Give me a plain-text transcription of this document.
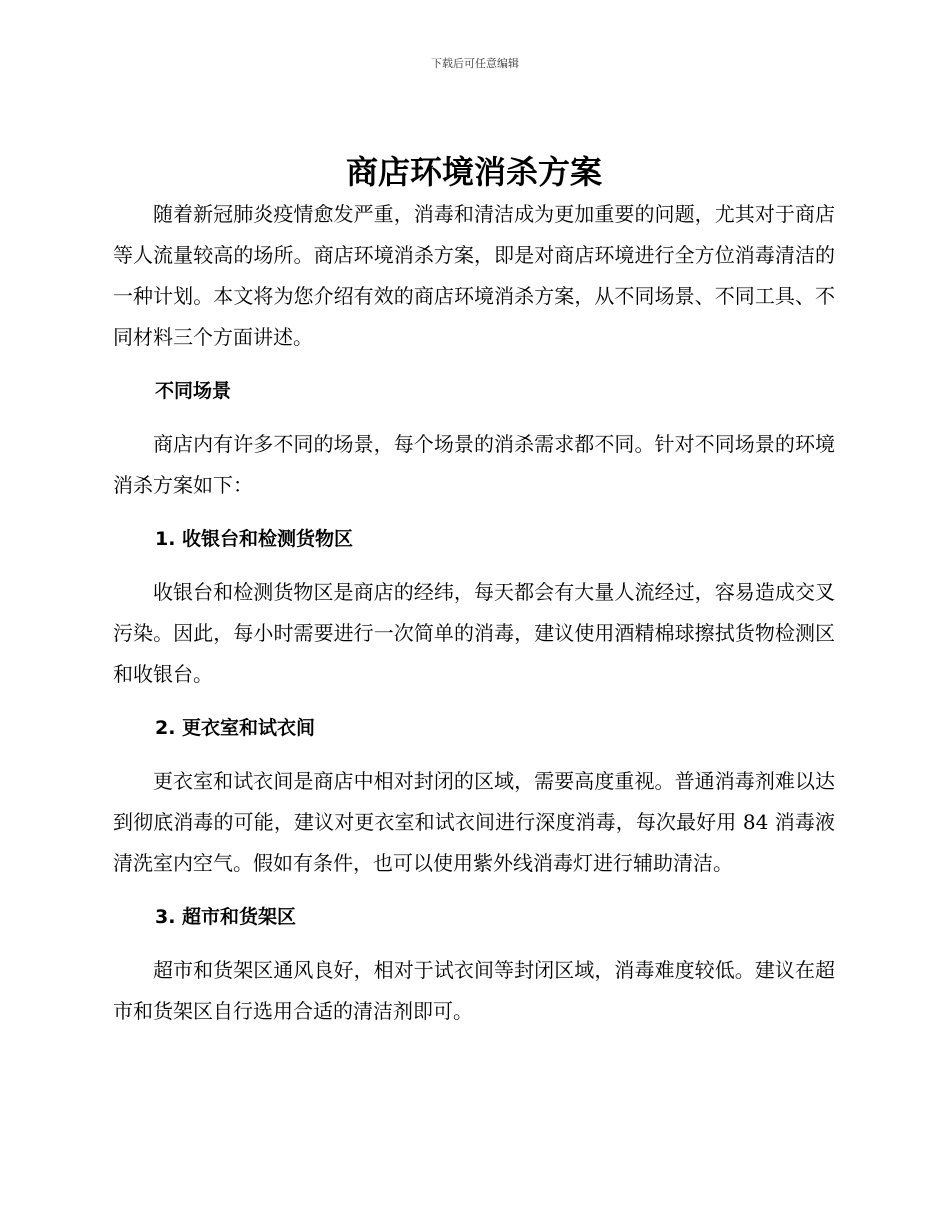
下载后可任意编辑
商店环境消杀方案

随着新冠肺炎疫情愈发严重，消毒和清洁成为更加重要的问题，尤其对于商店等人流量较高的场所。商店环境消杀方案，即是对商店环境进行全方位消毒清洁的一种计划。本文将为您介绍有效的商店环境消杀方案，从不同场景、不同工具、不同材料三个方面讲述。

不同场景

商店内有许多不同的场景，每个场景的消杀需求都不同。针对不同场景的环境消杀方案如下：

1. 收银台和检测货物区

收银台和检测货物区是商店的经纬，每天都会有大量人流经过，容易造成交叉污染。因此，每小时需要进行一次简单的消毒，建议使用酒精棉球擦拭货物检测区和收银台。

2. 更衣室和试衣间

更衣室和试衣间是商店中相对封闭的区域，需要高度重视。普通消毒剂难以达到彻底消毒的可能，建议对更衣室和试衣间进行深度消毒，每次最好用 84 消毒液清洗室内空气。假如有条件，也可以使用紫外线消毒灯进行辅助清洁。

3. 超市和货架区

超市和货架区通风良好，相对于试衣间等封闭区域，消毒难度较低。建议在超市和货架区自行选用合适的清洁剂即可。
